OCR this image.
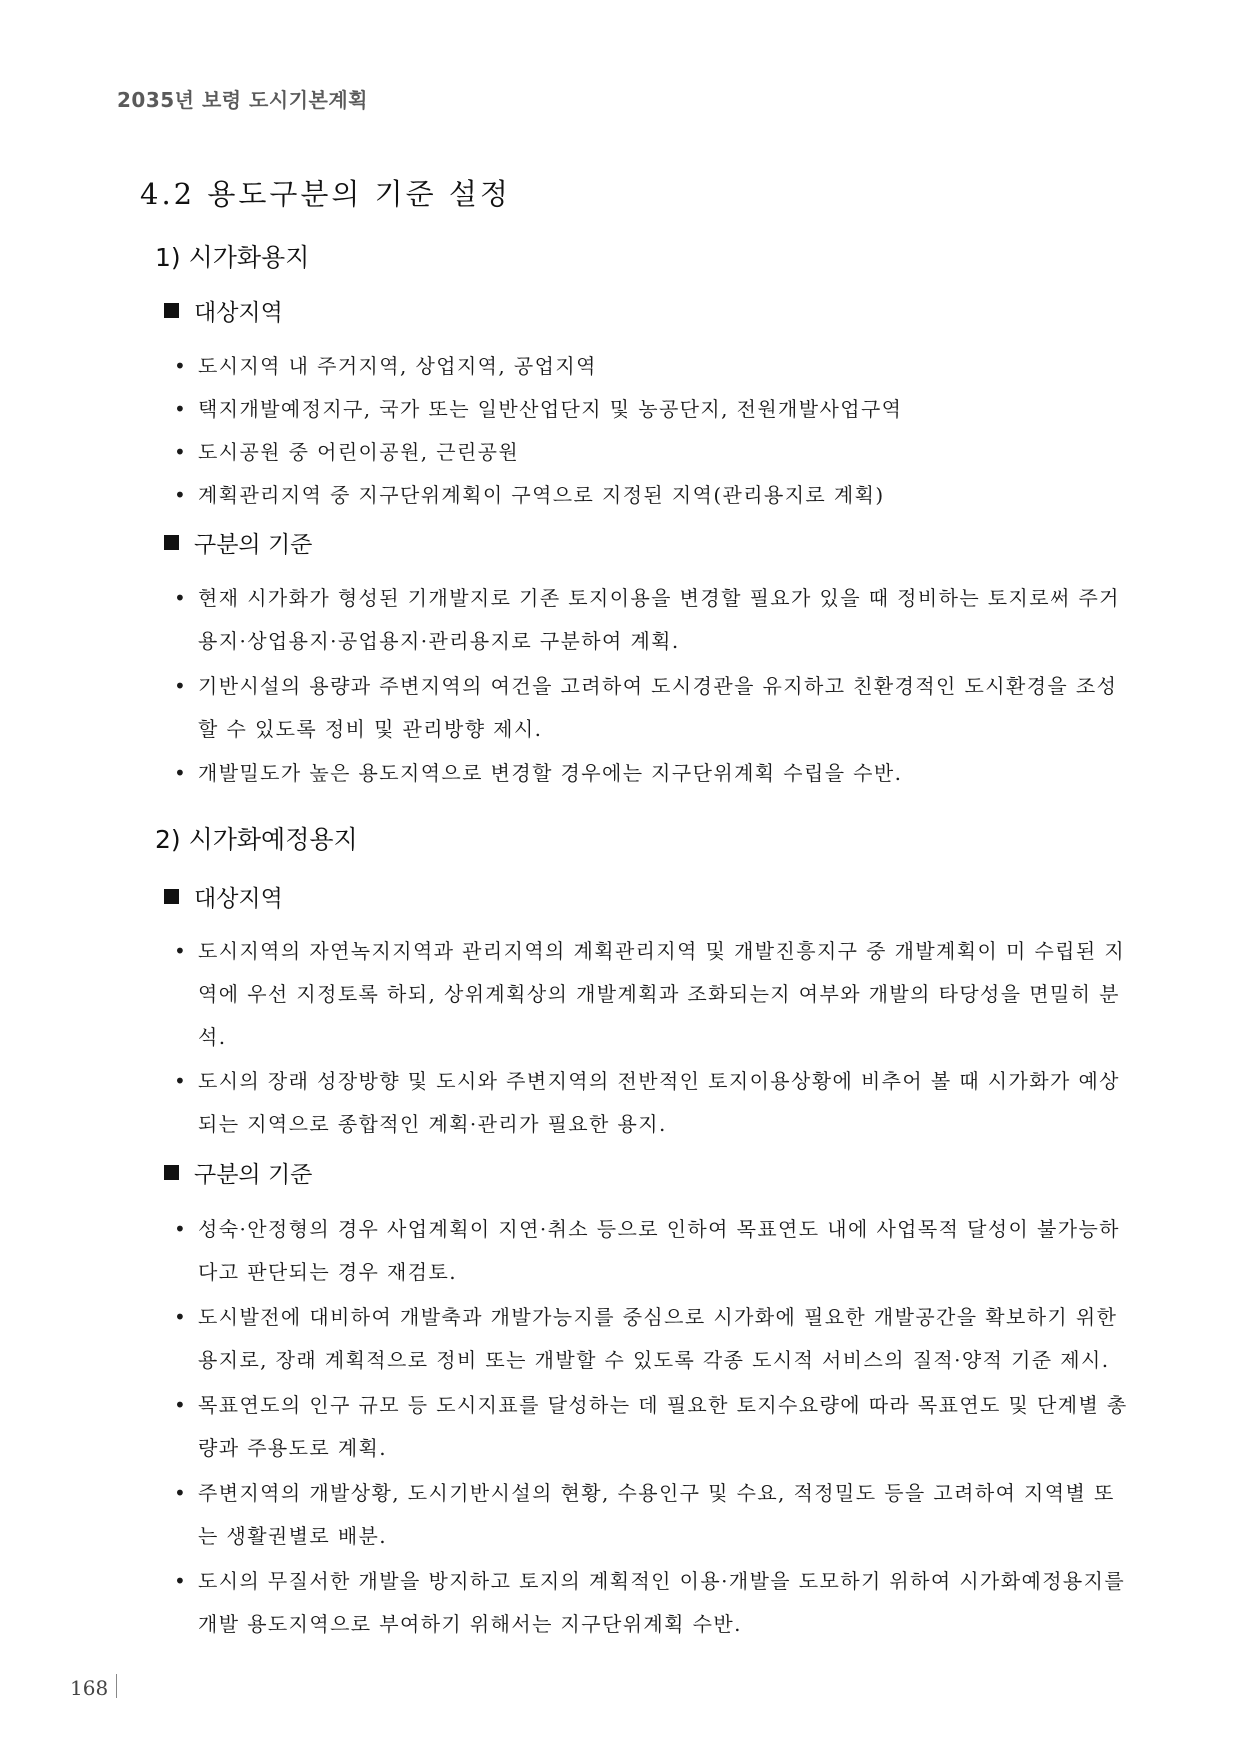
2035년 보령 도시기본계획
4.2 용도구분의 기준 설정
1) 시가화용지
대상지역
• 도시지역 내 주거지역, 상업지역, 공업지역
• 택지개발예정지구, 국가 또는 일반산업단지 및 농공단지, 전원개발사업구역
• 도시공원 중 어린이공원, 근린공원
• 계획관리지역 중 지구단위계획이 구역으로 지정된 지역(관리용지로 계획)
구분의 기준
• 현재 시가화가 형성된 기개발지로 기존 토지이용을 변경할 필요가 있을 때 정비하는 토지로써 주거용지·상업용지·공업용지·관리용지로 구분하여 계획.
• 기반시설의 용량과 주변지역의 여건을 고려하여 도시경관을 유지하고 친환경적인 도시환경을 조성할 수 있도록 정비 및 관리방향 제시.
• 개발밀도가 높은 용도지역으로 변경할 경우에는 지구단위계획 수립을 수반.
2) 시가화예정용지
대상지역
• 도시지역의 자연녹지지역과 관리지역의 계획관리지역 및 개발진흥지구 중 개발계획이 미 수립된 지역에 우선 지정토록 하되, 상위계획상의 개발계획과 조화되는지 여부와 개발의 타당성을 면밀히 분석.
• 도시의 장래 성장방향 및 도시와 주변지역의 전반적인 토지이용상황에 비추어 볼 때 시가화가 예상되는 지역으로 종합적인 계획·관리가 필요한 용지.
구분의 기준
• 성숙·안정형의 경우 사업계획이 지연·취소 등으로 인하여 목표연도 내에 사업목적 달성이 불가능하다고 판단되는 경우 재검토.
• 도시발전에 대비하여 개발축과 개발가능지를 중심으로 시가화에 필요한 개발공간을 확보하기 위한 용지로, 장래 계획적으로 정비 또는 개발할 수 있도록 각종 도시적 서비스의 질적·양적 기준 제시.
• 목표연도의 인구 규모 등 도시지표를 달성하는 데 필요한 토지수요량에 따라 목표연도 및 단계별 총량과 주용도로 계획.
• 주변지역의 개발상황, 도시기반시설의 현황, 수용인구 및 수요, 적정밀도 등을 고려하여 지역별 또는 생활권별로 배분.
• 도시의 무질서한 개발을 방지하고 토지의 계획적인 이용·개발을 도모하기 위하여 시가화예정용지를 개발 용도지역으로 부여하기 위해서는 지구단위계획 수반.
168
